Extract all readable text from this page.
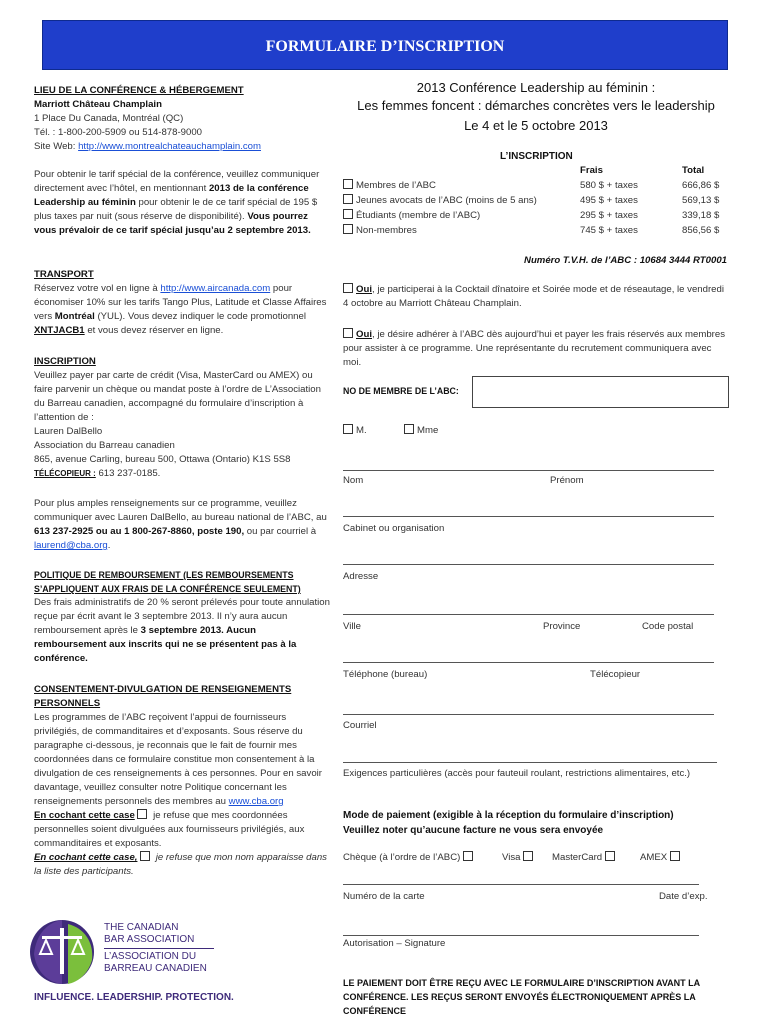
FORMULAIRE D’INSCRIPTION
LIEU DE LA CONFÉRENCE & HÉBERGEMENT
Marriott Château Champlain
1 Place Du Canada, Montréal (QC)
Tél. : 1-800-200-5909 ou 514-878-9000
Site Web: http://www.montrealchateauchamplain.com
Pour obtenir le tarif spécial de la conférence, veuillez communiquer directement avec l’hôtel, en mentionnant 2013 de la conférence Leadership au féminin pour obtenir le de ce tarif spécial de 195 $ plus taxes par nuit (sous réserve de disponibilité). Vous pourrez vous prévaloir de ce tarif spécial jusqu’au 2 septembre 2013.
TRANSPORT
Réservez votre vol en ligne à http://www.aircanada.com pour économiser 10% sur les tarifs Tango Plus, Latitude et Classe Affaires vers Montréal (YUL). Vous devez indiquer le code promotionnel XNTJACB1 et vous devez réserver en ligne.
INSCRIPTION
Veuillez payer par carte de crédit (Visa, MasterCard ou AMEX) ou faire parvenir un chèque ou mandat poste à l’ordre de L’Association du Barreau canadien, accompagné du formulaire d’inscription à l’attention de :
Lauren DalBello
Association du Barreau canadien
865, avenue Carling, bureau 500, Ottawa (Ontario) K1S 5S8
TÉLÉCOPIEUR : 613 237-0185.
Pour plus amples renseignements sur ce programme, veuillez communiquer avec Lauren DalBello, au bureau national de l’ABC, au 613 237-2925 ou au 1 800-267-8860, poste 190, ou par courriel à laurend@cba.org.
POLITIQUE DE REMBOURSEMENT (LES REMBOURSEMENTS S’APPLIQUENT AUX FRAIS DE LA CONFÉRENCE SEULEMENT)
Des frais administratifs de 20 % seront prélevés pour toute annulation reçue par écrit avant le 3 septembre 2013. Il n’y aura aucun remboursement après le 3 septembre 2013. Aucun remboursement aux inscrits qui ne se présentent pas à la conférence.
CONSENTEMENT-DIVULGATION DE RENSEIGNEMENTS PERSONNELS
Les programmes de l’ABC reçoivent l’appui de fournisseurs privilégiés, de commanditaires et d’exposants. Sous réserve du paragraphe ci-dessous, je reconnais que le fait de fournir mes coordonnées dans ce formulaire constitue mon consentement à la divulgation de ces renseignements à ces personnes. Pour en savoir davantage, veuillez consulter notre Politique concernant les renseignements personnels des membres au www.cba.org
En cochant cette case  je refuse que mes coordonnées personnelles soient divulguées aux fournisseurs privilégiés, aux commanditaires et exposants.
En cochant cette case,  je refuse que mon nom apparaisse dans la liste des participants.
THE CANADIAN
BAR ASSOCIATION
L’ASSOCIATION DU
BARREAU CANADIEN
INFLUENCE. LEADERSHIP. PROTECTION.
2013 Conférence Leadership au féminin :
Les femmes foncent : démarches concrètes vers le leadership
Le 4 et le 5 octobre 2013
L’INSCRIPTION
Frais	Total
Membres de l’ABC	580 $ + taxes	666,86 $
Jeunes avocats de l’ABC (moins de 5 ans)	495 $ + taxes	569,13 $
Étudiants (membre de l’ABC)	295 $ + taxes	339,18 $
Non-membres	745 $ + taxes	856,56 $
Numéro T.V.H. de l’ABC : 10684 3444 RT0001
Oui, je participerai à la Cocktail dînatoire et Soirée mode et de réseautage, le vendredi 4 octobre au Marriott Château Champlain.
Oui, je désire adhérer à l’ABC dès aujourd’hui et payer les frais réservés aux membres pour assister à ce programme. Une représentante du recrutement communiquera avec moi.
NO DE MEMBRE DE L’ABC:
M.	Mme
Nom	Prénom
Cabinet ou organisation
Adresse
Ville	Province	Code postal
Téléphone (bureau)	Télécopieur
Courriel
Exigences particulières (accès pour fauteuil roulant, restrictions alimentaires, etc.)
Mode de paiement (exigible à la réception du formulaire d’inscription)
Veuillez noter qu’aucune facture ne vous sera envoyée
Chèque (à l’ordre de l’ABC)	Visa	MasterCard	AMEX
Numéro de la carte	Date d’exp.
Autorisation – Signature
LE PAIEMENT DOIT ÊTRE REÇU AVEC LE FORMULAIRE D’INSCRIPTION AVANT LA CONFÉRENCE. LES REÇUS SERONT ENVOYÉS ÉLECTRONIQUEMENT APRÈS LA CONFÉRENCE
